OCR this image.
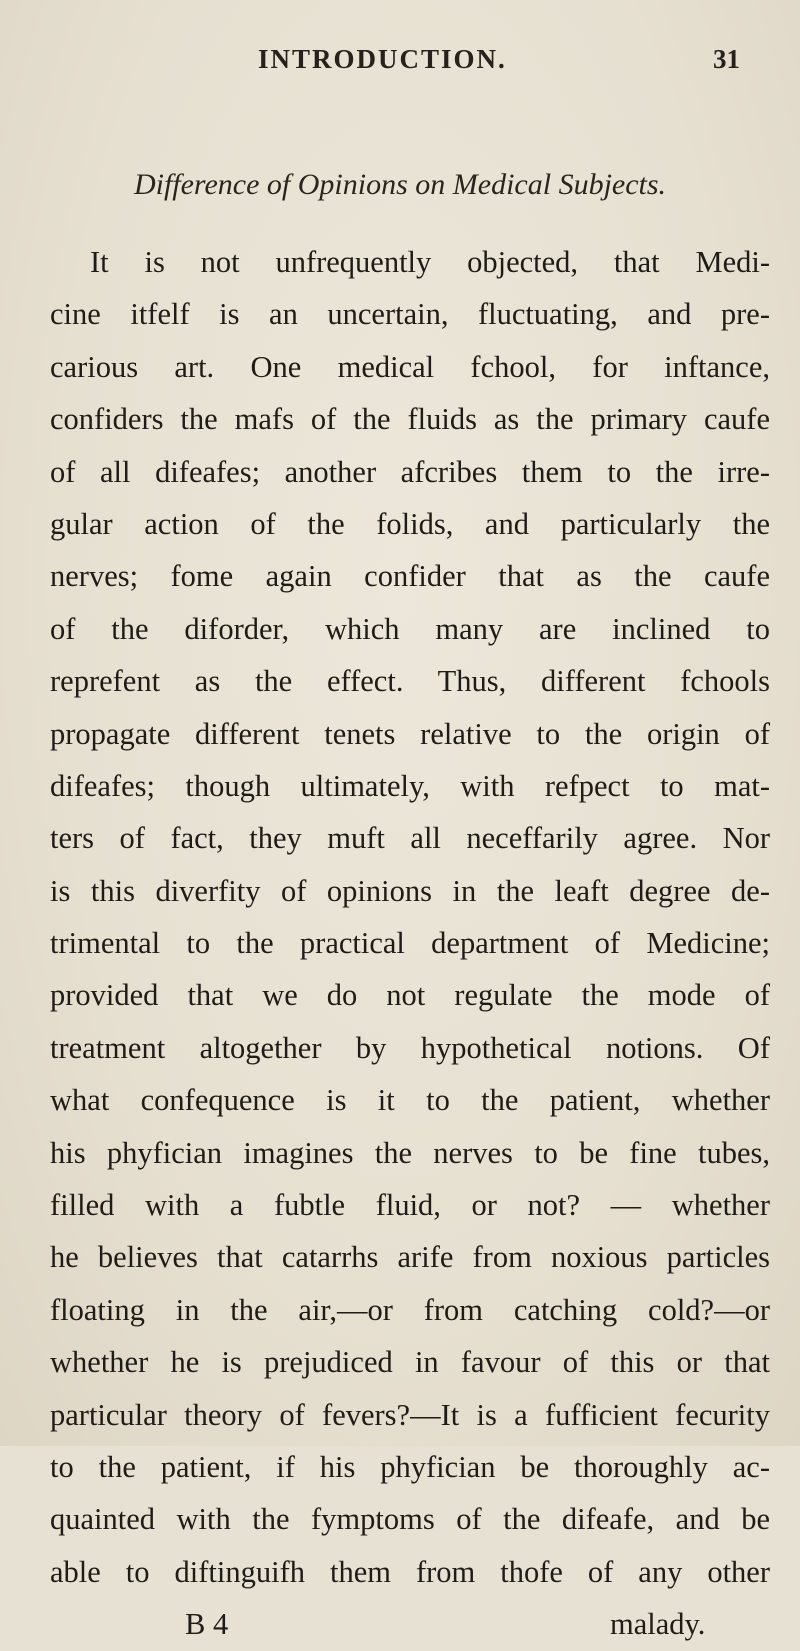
INTRODUCTION.	31
Difference of Opinions on Medical Subjects.
It is not unfrequently objected, that Medi-
cine itfelf is an uncertain, fluctuating, and pre-
carious art. One medical fchool, for inftance,
confiders the mafs of the fluids as the primary caufe
of all difeafes; another afcribes them to the irre-
gular action of the folids, and particularly the
nerves; fome again confider that as the caufe
of the diforder, which many are inclined to
reprefent as the effect. Thus, different fchools
propagate different tenets relative to the origin of
difeafes; though ultimately, with refpect to mat-
ters of fact, they muft all neceffarily agree. Nor
is this diverfity of opinions in the leaft degree de-
trimental to the practical department of Medicine;
provided that we do not regulate the mode of
treatment altogether by hypothetical notions. Of
what confequence is it to the patient, whether
his phyfician imagines the nerves to be fine tubes,
filled with a fubtle fluid, or not? — whether
he believes that catarrhs arife from noxious particles
floating in the air,—or from catching cold?—or
whether he is prejudiced in favour of this or that
particular theory of fevers?—It is a fufficient fecurity
to the patient, if his phyfician be thoroughly ac-
quainted with the fymptoms of the difeafe, and be
able to diftinguifh them from thofe of any other
B 4	malady.
